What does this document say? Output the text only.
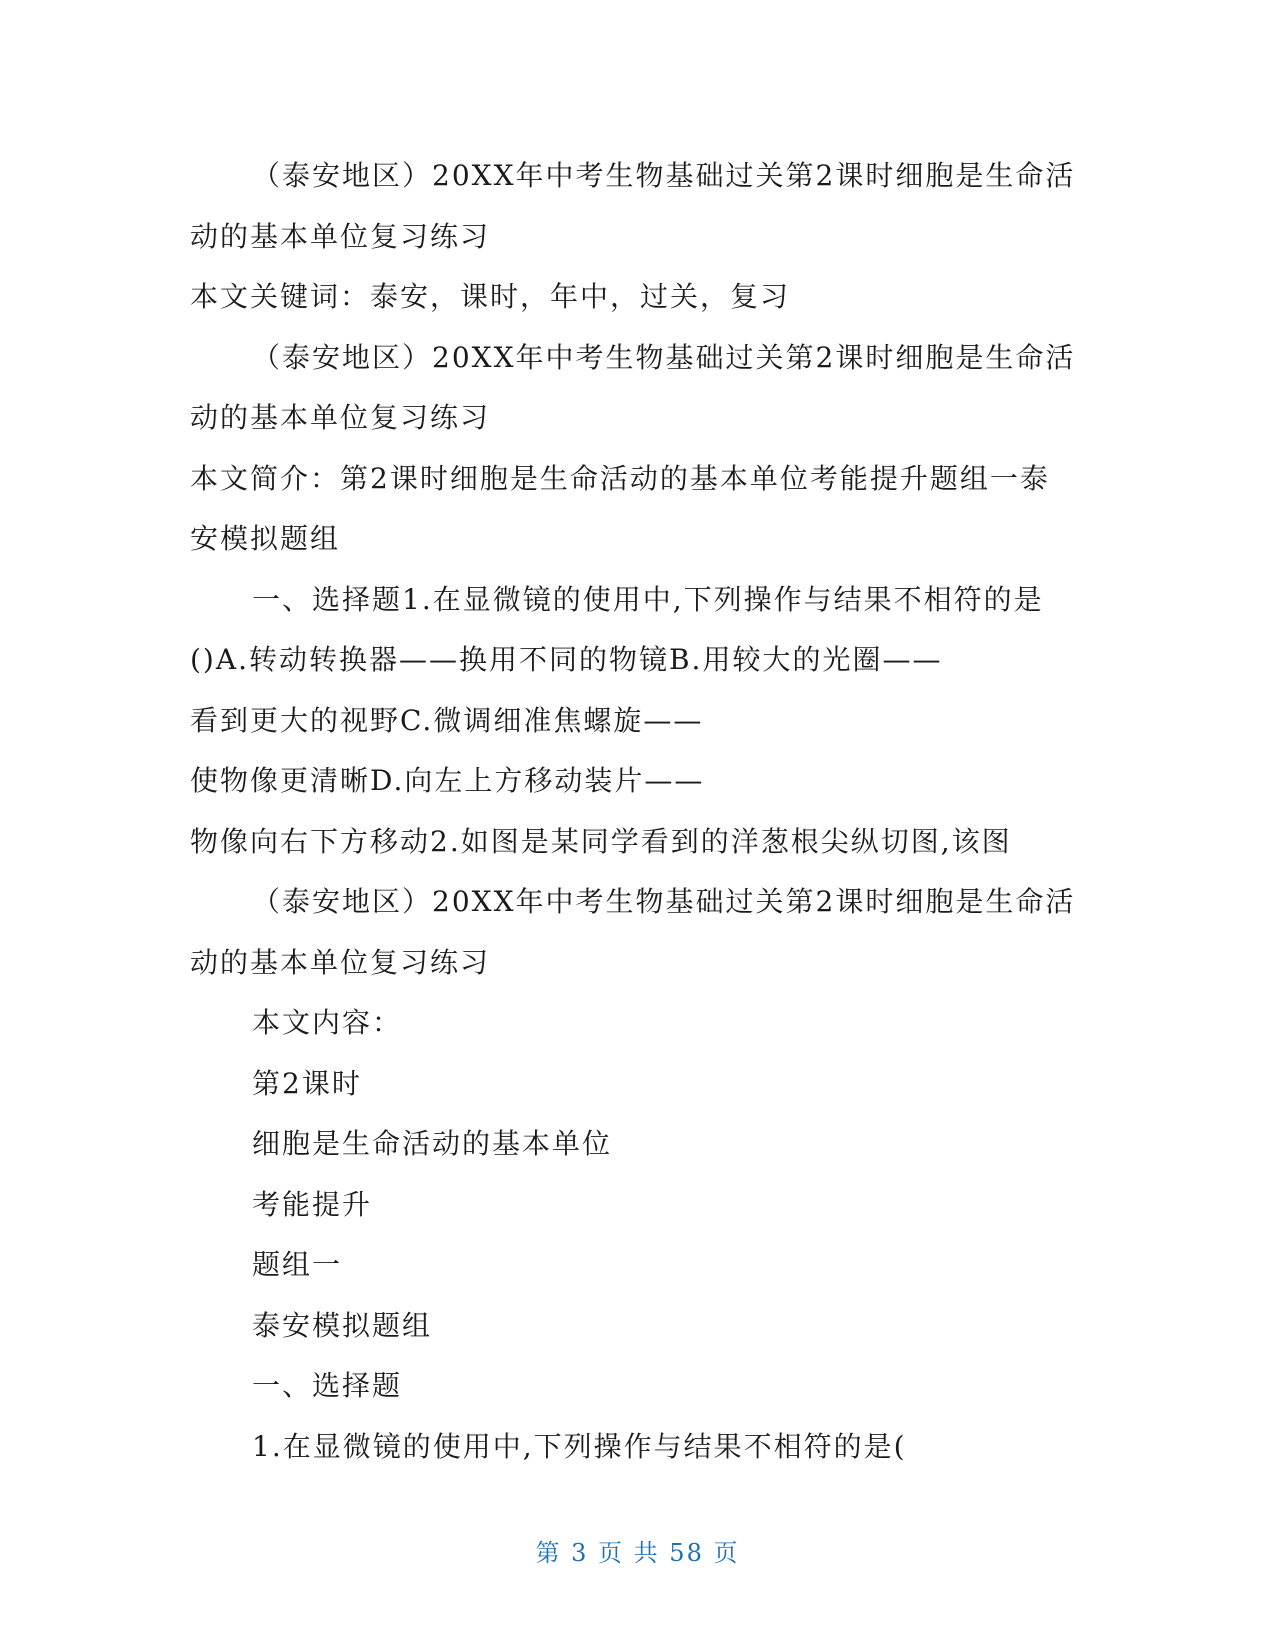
（泰安地区）20XX年中考生物基础过关第2课时细胞是生命活
动的基本单位复习练习
本文关键词：泰安，课时，年中，过关，复习
（泰安地区）20XX年中考生物基础过关第2课时细胞是生命活
动的基本单位复习练习
本文简介：第2课时细胞是生命活动的基本单位考能提升题组一泰
安模拟题组
一、选择题1.在显微镜的使用中,下列操作与结果不相符的是
()A.转动转换器——换用不同的物镜B.用较大的光圈——
看到更大的视野C.微调细准焦螺旋——
使物像更清晰D.向左上方移动装片——
物像向右下方移动2.如图是某同学看到的洋葱根尖纵切图,该图
（泰安地区）20XX年中考生物基础过关第2课时细胞是生命活
动的基本单位复习练习
本文内容：
第2课时
细胞是生命活动的基本单位
考能提升
题组一
泰安模拟题组
一、选择题
1.在显微镜的使用中,下列操作与结果不相符的是(
第 3 页 共 58 页
